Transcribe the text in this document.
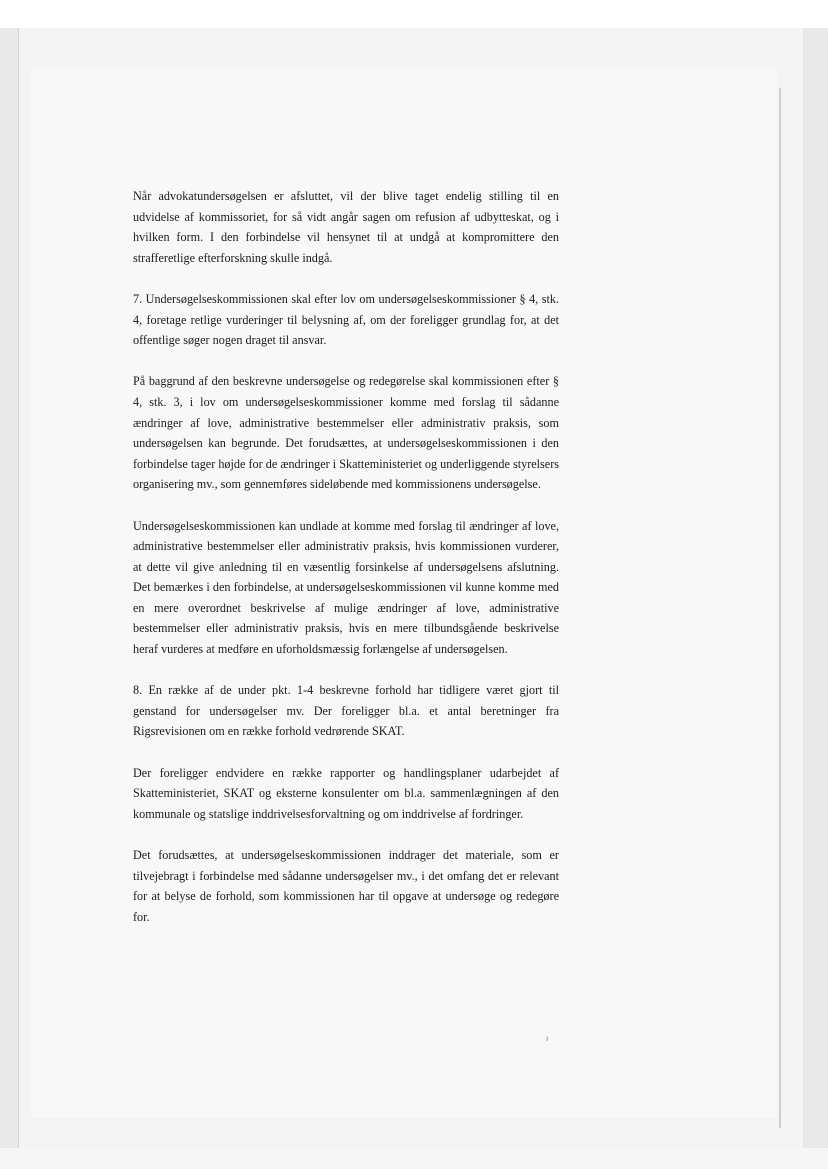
Når advokatundersøgelsen er afsluttet, vil der blive taget endelig stilling til en udvidelse af kommissoriet, for så vidt angår sagen om refusion af udbytteskat, og i hvilken form. I den forbindelse vil hensynet til at undgå at kompromittere den strafferetlige efterforskning skulle indgå.

7. Undersøgelseskommissionen skal efter lov om undersøgelseskommissioner § 4, stk. 4, foretage retlige vurderinger til belysning af, om der foreligger grundlag for, at det offentlige søger nogen draget til ansvar.

På baggrund af den beskrevne undersøgelse og redegørelse skal kommissionen efter § 4, stk. 3, i lov om undersøgelseskommissioner komme med forslag til sådanne ændringer af love, administrative bestemmelser eller administrativ praksis, som undersøgelsen kan begrunde. Det forudsættes, at undersøgelseskommissionen i den forbindelse tager højde for de ændringer i Skatteministeriet og underliggende styrelsers organisering mv., som gennemføres sideløbende med kommissionens undersøgelse.

Undersøgelseskommissionen kan undlade at komme med forslag til ændringer af love, administrative bestemmelser eller administrativ praksis, hvis kommissionen vurderer, at dette vil give anledning til en væsentlig forsinkelse af undersøgelsens afslutning. Det bemærkes i den forbindelse, at undersøgelseskommissionen vil kunne komme med en mere overordnet beskrivelse af mulige ændringer af love, administrative bestemmelser eller administrativ praksis, hvis en mere tilbundsgående beskrivelse heraf vurderes at medføre en uforholdsmæssig forlængelse af undersøgelsen.

8. En række af de under pkt. 1-4 beskrevne forhold har tidligere været gjort til genstand for undersøgelser mv. Der foreligger bl.a. et antal beretninger fra Rigsrevisionen om en række forhold vedrørende SKAT.

Der foreligger endvidere en række rapporter og handlingsplaner udarbejdet af Skatteministeriet, SKAT og eksterne konsulenter om bl.a. sammenlægningen af den kommunale og statslige inddrivelsesforvaltning og om inddrivelse af fordringer.

Det forudsættes, at undersøgelseskommissionen inddrager det materiale, som er tilvejebragt i forbindelse med sådanne undersøgelser mv., i det omfang det er relevant for at belyse de forhold, som kommissionen har til opgave at undersøge og redegøre for.

ı
